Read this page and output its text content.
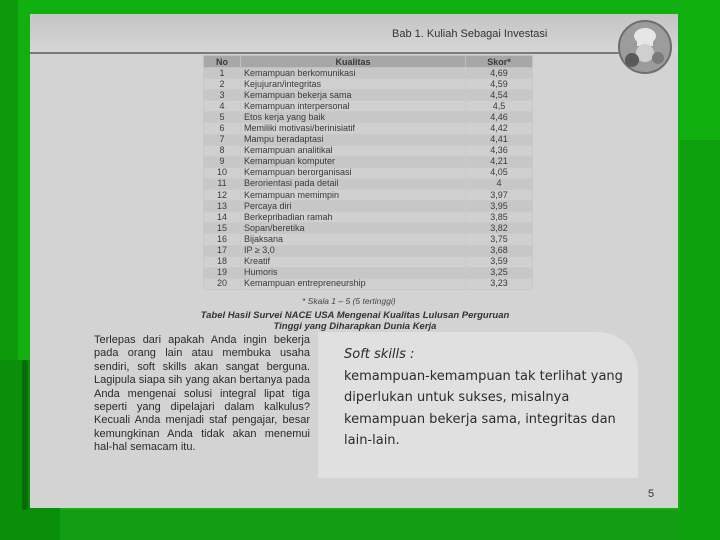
Bab 1. Kuliah Sebagai Investasi
No	Kualitas	Skor*
1	Kemampuan berkomunikasi	4,69
2	Kejujuran/integritas	4,59
3	Kemampuan bekerja sama	4,54
4	Kemampuan interpersonal	4,5
5	Etos kerja yang baik	4,46
6	Memiliki motivasi/berinisiatif	4,42
7	Mampu beradaptasi	4,41
8	Kemampuan analitikal	4,36
9	Kemampuan komputer	4,21
10	Kemampuan berorganisasi	4,05
11	Berorientasi pada detail	4
12	Kemampuan memimpin	3,97
13	Percaya diri	3,95
14	Berkepribadian ramah	3,85
15	Sopan/beretika	3,82
16	Bijaksana	3,75
17	IP ≥ 3,0	3,68
18	Kreatif	3,59
19	Humoris	3,25
20	Kemampuan entrepreneurship	3,23
* Skala 1 – 5 (5 tertinggi)
Tabel Hasil Survei NACE USA Mengenai Kualitas Lulusan Perguruan
Tinggi yang Diharapkan Dunia Kerja

Terlepas dari apakah Anda ingin bekerja pada orang lain atau membuka usaha sendiri, soft skills akan sangat berguna. Lagipula siapa sih yang akan bertanya pada Anda mengenai solusi integral lipat tiga seperti yang dipelajari dalam kalkulus? Kecuali Anda menjadi staf pengajar, besar kemungkinan Anda tidak akan menemui hal-hal semacam itu.

Soft skills :
kemampuan-kemampuan tak terlihat yang diperlukan untuk sukses, misalnya kemampuan bekerja sama, integritas dan lain-lain.

5
